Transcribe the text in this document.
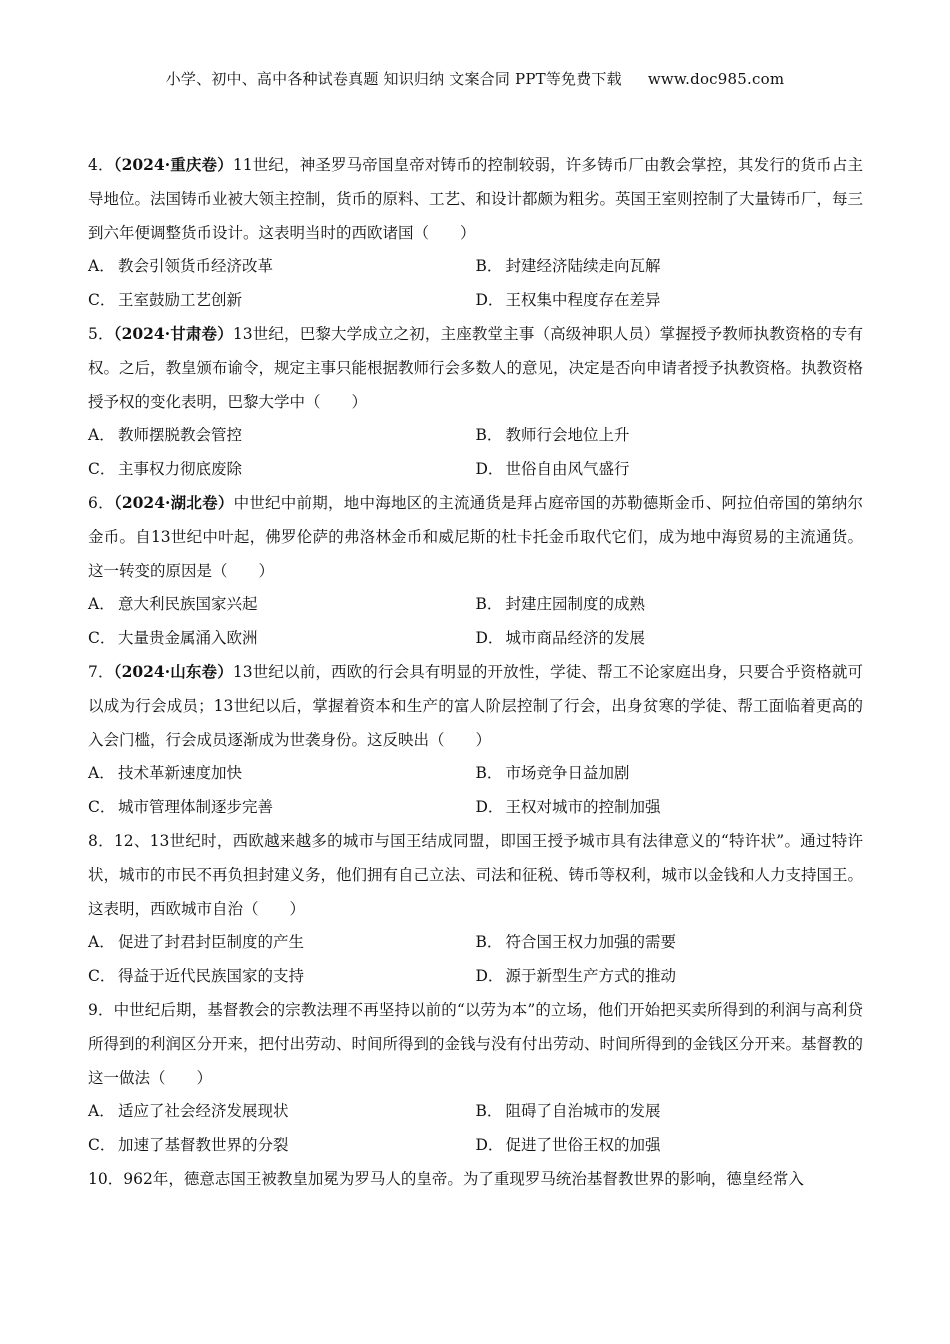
小学、初中、高中各种试卷真题 知识归纳 文案合同 PPT等免费下载 www.doc985.com

4．（2024·重庆卷）11世纪，神圣罗马帝国皇帝对铸币的控制较弱，许多铸币厂由教会掌控，其发行的货币占主导地位。法国铸币业被大领主控制，货币的原料、工艺、和设计都颇为粗劣。英国王室则控制了大量铸币厂，每三到六年便调整货币设计。这表明当时的西欧诸国（　　）

A． 教会引领货币经济改革	B． 封建经济陆续走向瓦解
C． 王室鼓励工艺创新	D． 王权集中程度存在差异

5．（2024·甘肃卷）13世纪，巴黎大学成立之初，主座教堂主事（高级神职人员）掌握授予教师执教资格的专有权。之后，教皇颁布谕令，规定主事只能根据教师行会多数人的意见，决定是否向申请者授予执教资格。执教资格授予权的变化表明，巴黎大学中（　　）

A． 教师摆脱教会管控	B． 教师行会地位上升
C． 主事权力彻底废除	D． 世俗自由风气盛行

6．（2024·湖北卷）中世纪中前期，地中海地区的主流通货是拜占庭帝国的苏勒德斯金币、阿拉伯帝国的第纳尔金币。自13世纪中叶起，佛罗伦萨的弗洛林金币和威尼斯的杜卡托金币取代它们，成为地中海贸易的主流通货。这一转变的原因是（　　）

A． 意大利民族国家兴起	B． 封建庄园制度的成熟
C． 大量贵金属涌入欧洲	D． 城市商品经济的发展

7．（2024·山东卷）13世纪以前，西欧的行会具有明显的开放性，学徒、帮工不论家庭出身，只要合乎资格就可以成为行会成员；13世纪以后，掌握着资本和生产的富人阶层控制了行会，出身贫寒的学徒、帮工面临着更高的入会门槛，行会成员逐渐成为世袭身份。这反映出（　　）

A． 技术革新速度加快	B． 市场竞争日益加剧
C． 城市管理体制逐步完善	D． 王权对城市的控制加强

8．12、13世纪时，西欧越来越多的城市与国王结成同盟，即国王授予城市具有法律意义的“特许状”。通过特许状，城市的市民不再负担封建义务，他们拥有自己立法、司法和征税、铸币等权利，城市以金钱和人力支持国王。这表明，西欧城市自治（　　）

A． 促进了封君封臣制度的产生	B． 符合国王权力加强的需要
C． 得益于近代民族国家的支持	D． 源于新型生产方式的推动

9．中世纪后期，基督教会的宗教法理不再坚持以前的“以劳为本”的立场，他们开始把买卖所得到的利润与高利贷所得到的利润区分开来，把付出劳动、时间所得到的金钱与没有付出劳动、时间所得到的金钱区分开来。基督教的这一做法（　　）

A． 适应了社会经济发展现状	B． 阻碍了自治城市的发展
C． 加速了基督教世界的分裂	D． 促进了世俗王权的加强

10．962年，德意志国王被教皇加冕为罗马人的皇帝。为了重现罗马统治基督教世界的影响，德皇经常入
